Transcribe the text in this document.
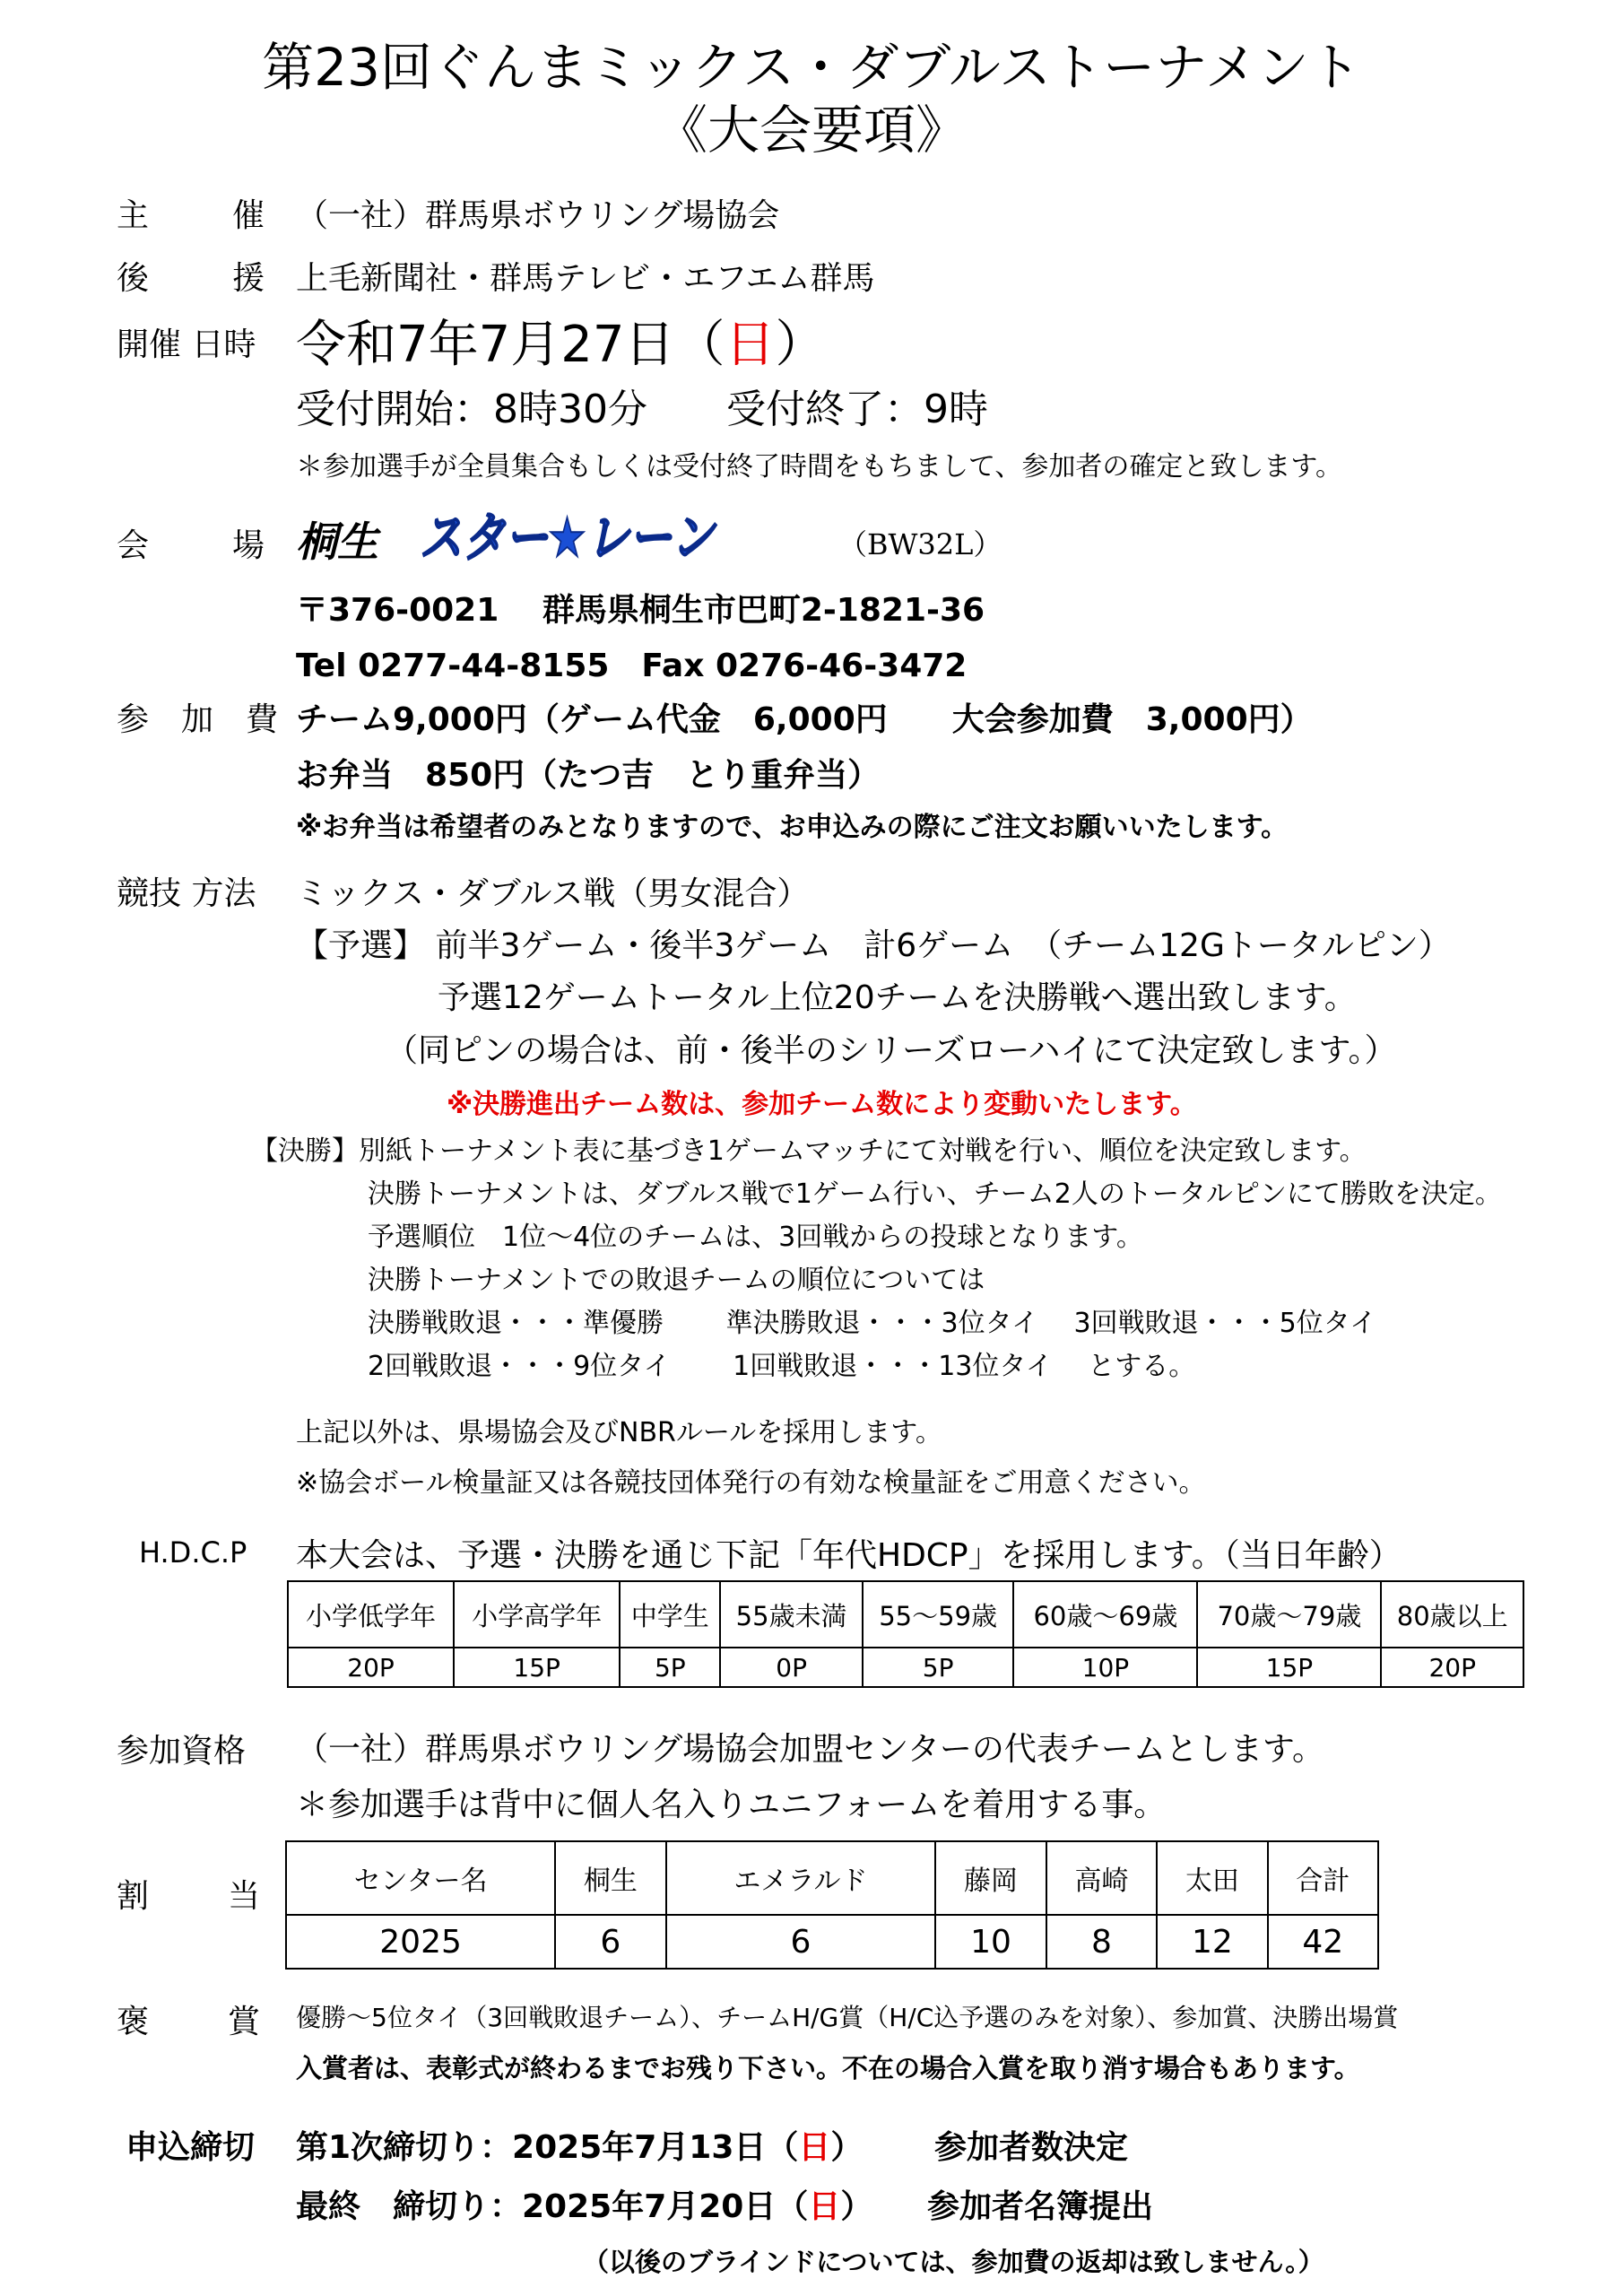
第23回ぐんまミックス・ダブルストーナメント
《大会要項》
主	催 （一社）群馬県ボウリング場協会
後	援 上毛新聞社・群馬テレビ・エフエム群馬
開催 日時 令和7年7月27日（日）
受付開始：8時30分　　受付終了：9時
＊参加選手が全員集合もしくは受付終了時間をもちまして、参加者の確定と致します。
会	場 桐生 スター★レーン	（BW32L）
〒376-0021　 群馬県桐生市巴町2-1821-36
Tel 0277-44-8155　Fax 0276-46-3472
参　加　費 チーム9,000円（ゲーム代金　6,000円　　大会参加費　3,000円）
お弁当　850円（たつ吉　とり重弁当）
※お弁当は希望者のみとなりますので、お申込みの際にご注文お願いいたします。
競技 方法 ミックス・ダブルス戦（男女混合）
【予選】 前半3ゲーム・後半3ゲーム　計6ゲーム　（チーム12Gトータルピン）
予選12ゲームトータル上位20チームを決勝戦へ選出致します。
（同ピンの場合は、前・後半のシリーズローハイにて決定致します。）
※決勝進出チーム数は、参加チーム数により変動いたします。
【決勝】別紙トーナメント表に基づき1ゲームマッチにて対戦を行い、順位を決定致します。
決勝トーナメントは、ダブルス戦で1ゲーム行い、チーム2人のトータルピンにて勝敗を決定。
予選順位　1位～4位のチームは、3回戦からの投球となります。
決勝トーナメントでの敗退チームの順位については
決勝戦敗退・・・準優勝　　 準決勝敗退・・・3位タイ　 3回戦敗退・・・5位タイ
2回戦敗退・・・9位タイ　　 1回戦敗退・・・13位タイ　 とする。
上記以外は、県場協会及びNBRルールを採用します。
※協会ボール検量証又は各競技団体発行の有効な検量証をご用意ください。
H.D.C.P 本大会は、予選・決勝を通じ下記「年代HDCP」を採用します。（当日年齢）
小学低学年	小学高学年	中学生	55歳未満	55～59歳	60歳～69歳	70歳～79歳	80歳以上
20P	15P	5P	0P	5P	10P	15P	20P
参加資格 （一社）群馬県ボウリング場協会加盟センターの代表チームとします。
＊参加選手は背中に個人名入りユニフォームを着用する事。
割 当	センター名	桐生	エメラルド	藤岡	高崎	太田	合計
2025	6	6	10	8	12	42
褒 賞 優勝～5位タイ（3回戦敗退チーム）、チームH/G賞（H/C込予選のみを対象）、参加賞、決勝出場賞
入賞者は、表彰式が終わるまでお残り下さい。不在の場合入賞を取り消す場合もあります。
申込締切 第1次締切り：2025年7月13日（日） 参加者数決定
最終　締切り：2025年7月20日（日） 参加者名簿提出
（以後のブラインドについては、参加費の返却は致しません。）
